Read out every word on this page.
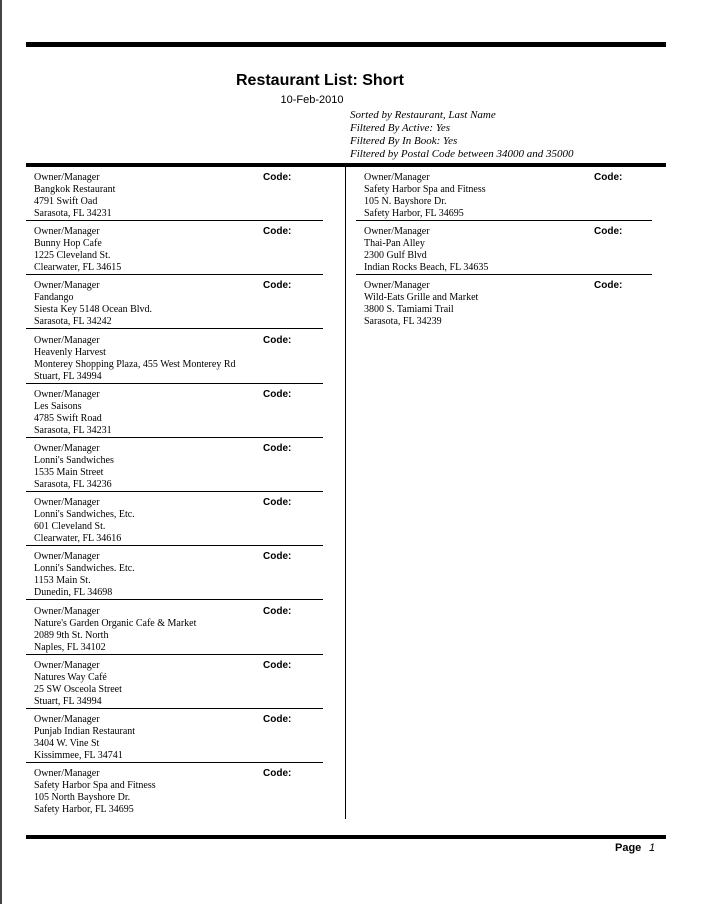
Restaurant List: Short
10-Feb-2010
Sorted by Restaurant, Last Name
Filtered By Active: Yes
Filtered By In Book: Yes
Filtered by Postal Code between 34000 and 35000
Owner/Manager
Bangkok Restaurant
4791 Swift Oad
Sarasota, FL 34231
Code:
Owner/Manager
Bunny Hop Cafe
1225 Cleveland St.
Clearwater, FL 34615
Code:
Owner/Manager
Fandango
Siesta Key 5148 Ocean Blvd.
Sarasota, FL 34242
Code:
Owner/Manager
Heavenly Harvest
Monterey Shopping Plaza, 455 West Monterey Rd
Stuart, FL 34994
Code:
Owner/Manager
Les Saisons
4785 Swift Road
Sarasota, FL 34231
Code:
Owner/Manager
Lonni's Sandwiches
1535 Main Street
Sarasota, FL 34236
Code:
Owner/Manager
Lonni's Sandwiches, Etc.
601 Cleveland St.
Clearwater, FL 34616
Code:
Owner/Manager
Lonni's Sandwiches. Etc.
1153 Main St.
Dunedin, FL 34698
Code:
Owner/Manager
Nature's Garden Organic Cafe & Market
2089 9th St. North
Naples, FL 34102
Code:
Owner/Manager
Natures Way Café
25 SW Osceola Street
Stuart, FL 34994
Code:
Owner/Manager
Punjab Indian Restaurant
3404 W. Vine St
Kissimmee, FL 34741
Code:
Owner/Manager
Safety Harbor Spa and Fitness
105 North Bayshore Dr.
Safety Harbor, FL 34695
Code:
Owner/Manager
Safety Harbor Spa and Fitness
105 N. Bayshore Dr.
Safety Harbor, FL 34695
Code:
Owner/Manager
Thai-Pan Alley
2300 Gulf Blvd
Indian Rocks Beach, FL 34635
Code:
Owner/Manager
Wild-Eats Grille and Market
3800 S. Tamiami Trail
Sarasota, FL 34239
Code:
Page 1
